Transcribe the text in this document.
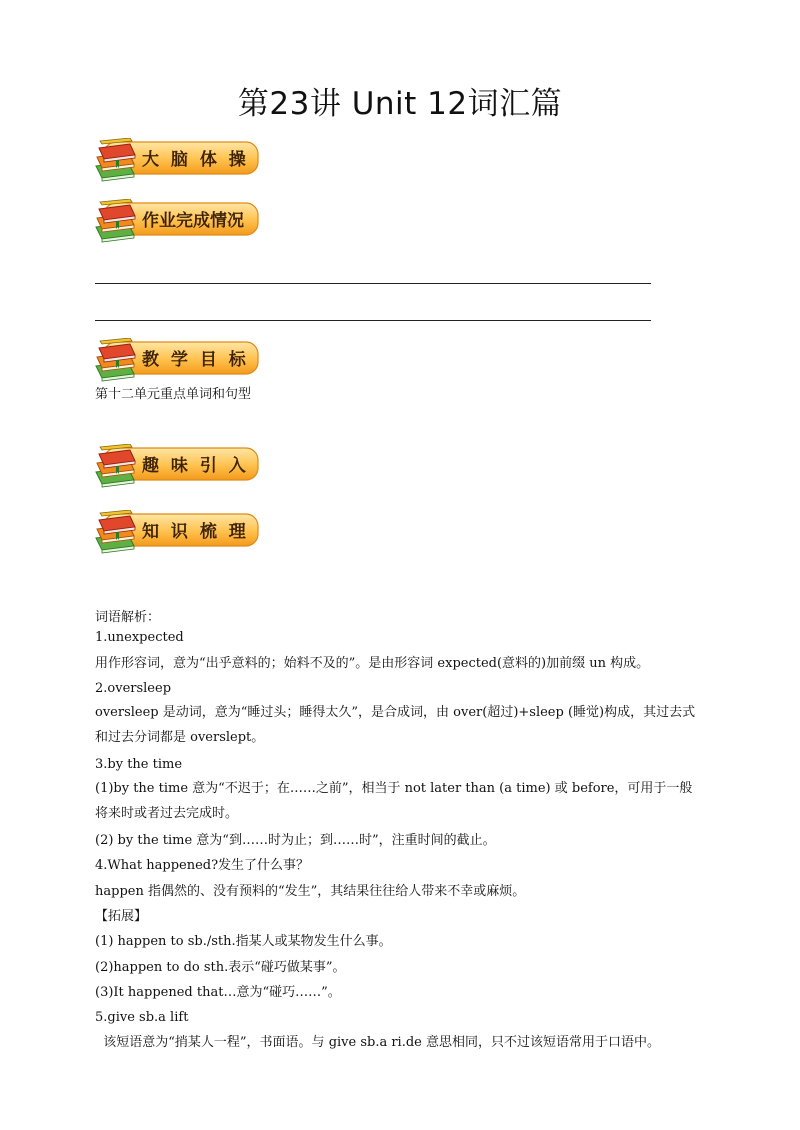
第23讲 Unit 12词汇篇
大 脑 体 操
作业完成情况
教 学 目 标
第十二单元重点单词和句型
趣 味 引 入
知 识 梳 理
词语解析：
1.unexpected
用作形容词，意为“出乎意料的；始料不及的”。是由形容词 expected(意料的)加前缀 un 构成。
2.oversleep
oversleep 是动词，意为“睡过头；睡得太久”，是合成词，由 over(超过)+sleep (睡觉)构成，其过去式和过去分词都是 overslept。
3.by the time
(1)by the time 意为“不迟于；在……之前”，相当于 not later than (a time) 或 before，可用于一般将来时或者过去完成时。
(2) by the time 意为“到……时为止；到……时”，注重时间的截止。
4.What happened?发生了什么事？
happen 指偶然的、没有预料的“发生”，其结果往往给人带来不幸或麻烦。
【拓展】
(1) happen to sb./sth.指某人或某物发生什么事。
(2)happen to do sth.表示“碰巧做某事”。
(3)It happened that…意为“碰巧……”。
5.give sb.a lift
该短语意为“捎某人一程”，书面语。与 give sb.a ri.de 意思相同，只不过该短语常用于口语中。
